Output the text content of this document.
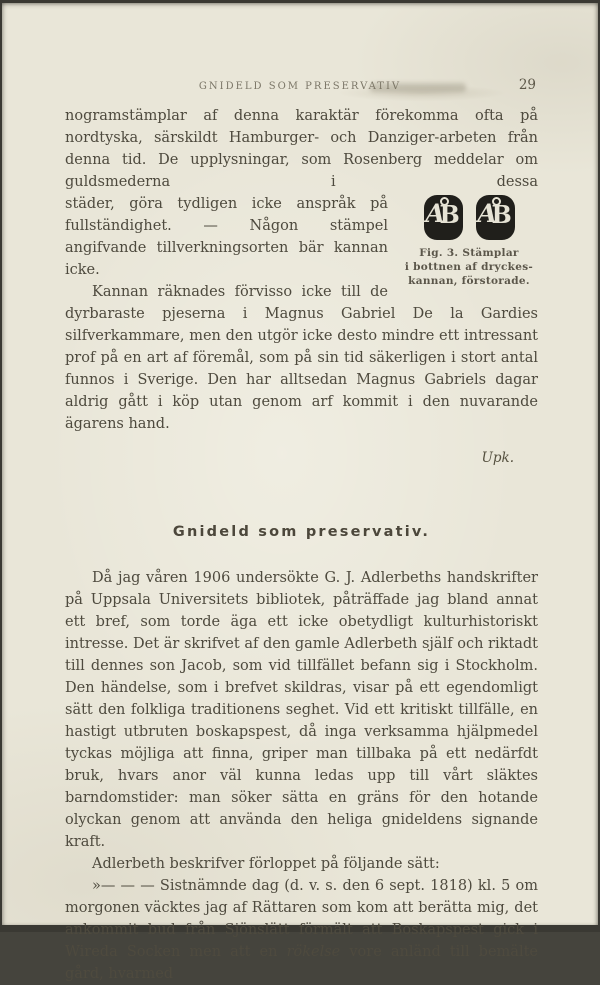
GNIDELD SOM PRESERVATIV	29
nogramstämplar af denna karaktär förekomma ofta på nordtyska, särskildt Hamburger- och Danziger-arbeten från denna tid. De upplysningar, som Rosenberg meddelar om guldsmederna i dessa
A
B A
B
Fig. 3. Stämplar
i bottnen af dryckes-
kannan, förstorade.
städer, göra tydligen icke anspråk på fullständighet. — Någon stämpel angifvande tillverkningsorten bär kannan icke.

Kannan räknades förvisso icke till de dyrbaraste pjeserna i Magnus Gabriel De la Gardies silfverkammare, men den utgör icke desto mindre ett intressant prof på en art af föremål, som på sin tid säkerligen i stort antal funnos i Sverige. Den har alltsedan Magnus Gabriels dagar aldrig gått i köp utan genom arf kommit i den nuvarande ägarens hand.

Upk.
Gnideld som preservativ.

Då jag våren 1906 undersökte G. J. Adlerbeths handskrifter på Uppsala Universitets bibliotek, påträffade jag bland annat ett bref, som torde äga ett icke obetydligt kulturhistoriskt intresse. Det är skrifvet af den gamle Adlerbeth själf och riktadt till dennes son Jacob, som vid tillfället befann sig i Stockholm. Den händelse, som i brefvet skildras, visar på ett egendomligt sätt den folkliga traditionens seghet. Vid ett kritiskt tillfälle, en hastigt utbruten boskapspest, då inga verksamma hjälpmedel tyckas möjliga att finna, griper man tillbaka på ett nedärfdt bruk, hvars anor väl kunna ledas upp till vårt släktes barndomstider: man söker sätta en gräns för den hotande olyckan genom att använda den heliga gnideldens signande kraft.

Adlerbeth beskrifver förloppet på följande sätt:

»— — — Sistnämnde dag (d. v. s. den 6 sept. 1818) kl. 5 om morgonen väcktes jag af Rättaren som kom att berätta mig, det ankommit bud från Sjönslätt förmält att Boskapspest gick i Wireda Socken men att en rökelse vore anländ till bemälte gård, hvarmed
